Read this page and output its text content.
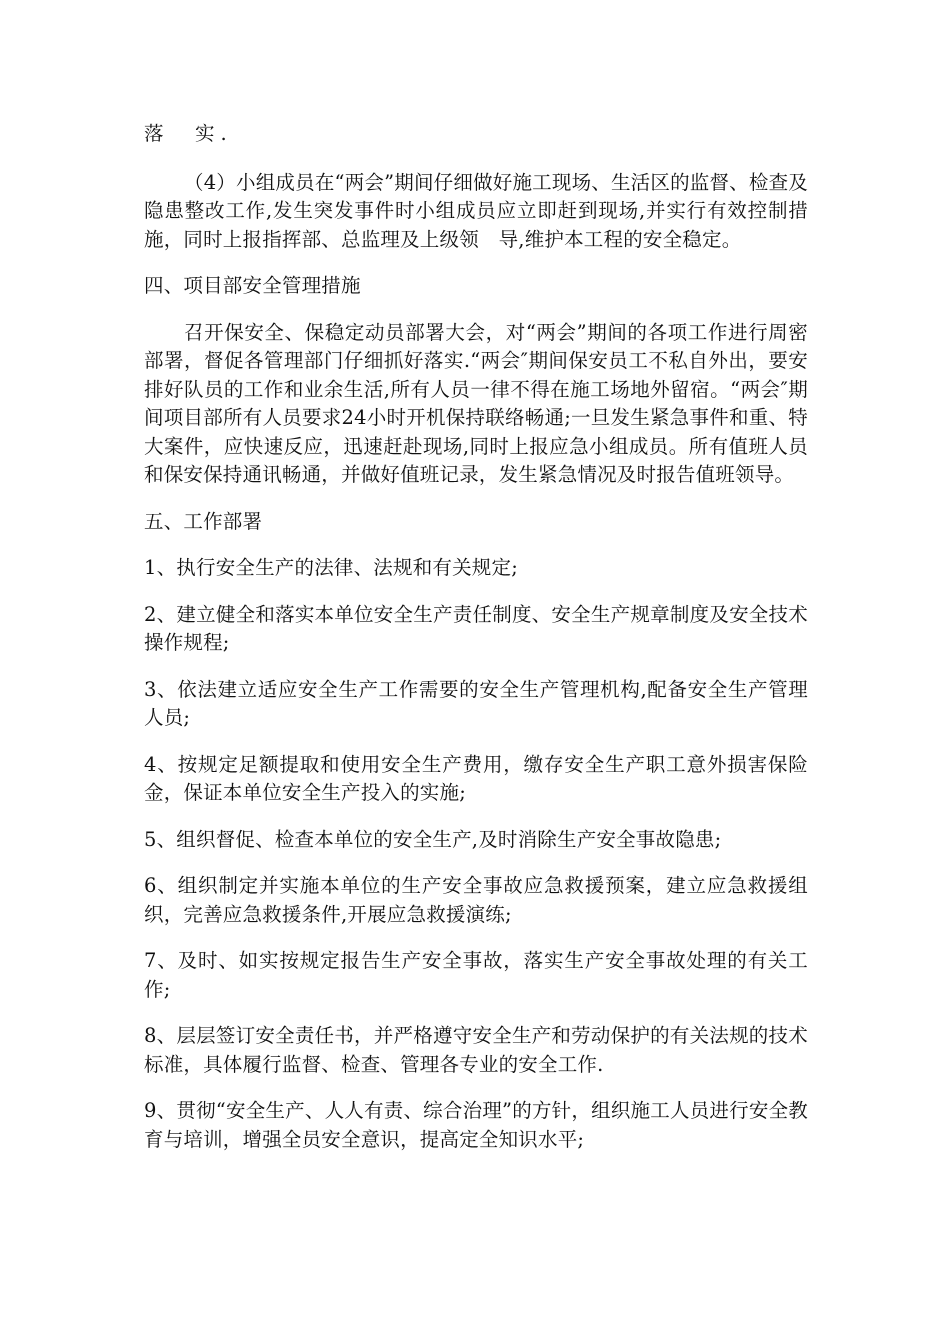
落　实.

（4）小组成员在“两会”期间仔细做好施工现场、生活区的监督、检查及隐患整改工作,发生突发事件时小组成员应立即赶到现场,并实行有效控制措施，同时上报指挥部、总监理及上级领　导,维护本工程的安全稳定。

四、项目部安全管理措施

召开保安全、保稳定动员部署大会，对“两会”期间的各项工作进行周密部署，督促各管理部门仔细抓好落实.“两会″期间保安员工不私自外出，要安排好队员的工作和业余生活,所有人员一律不得在施工场地外留宿。“两会″期间项目部所有人员要求24小时开机保持联络畅通;一旦发生紧急事件和重、特大案件，应快速反应，迅速赶赴现场,同时上报应急小组成员。所有值班人员和保安保持通讯畅通，并做好值班记录，发生紧急情况及时报告值班领导。

五、工作部署

1、执行安全生产的法律、法规和有关规定;

2、建立健全和落实本单位安全生产责任制度、安全生产规章制度及安全技术操作规程;

3、依法建立适应安全生产工作需要的安全生产管理机构,配备安全生产管理人员;

4、按规定足额提取和使用安全生产费用，缴存安全生产职工意外损害保险金，保证本单位安全生产投入的实施;

5、组织督促、检查本单位的安全生产,及时消除生产安全事故隐患;

6、组织制定并实施本单位的生产安全事故应急救援预案，建立应急救援组织，完善应急救援条件,开展应急救援演练;

7、及时、如实按规定报告生产安全事故，落实生产安全事故处理的有关工作;

8、层层签订安全责任书，并严格遵守安全生产和劳动保护的有关法规的技术标准，具体履行监督、检查、管理各专业的安全工作.

9、贯彻“安全生产、人人有责、综合治理”的方针，组织施工人员进行安全教育与培训，增强全员安全意识，提高定全知识水平;
